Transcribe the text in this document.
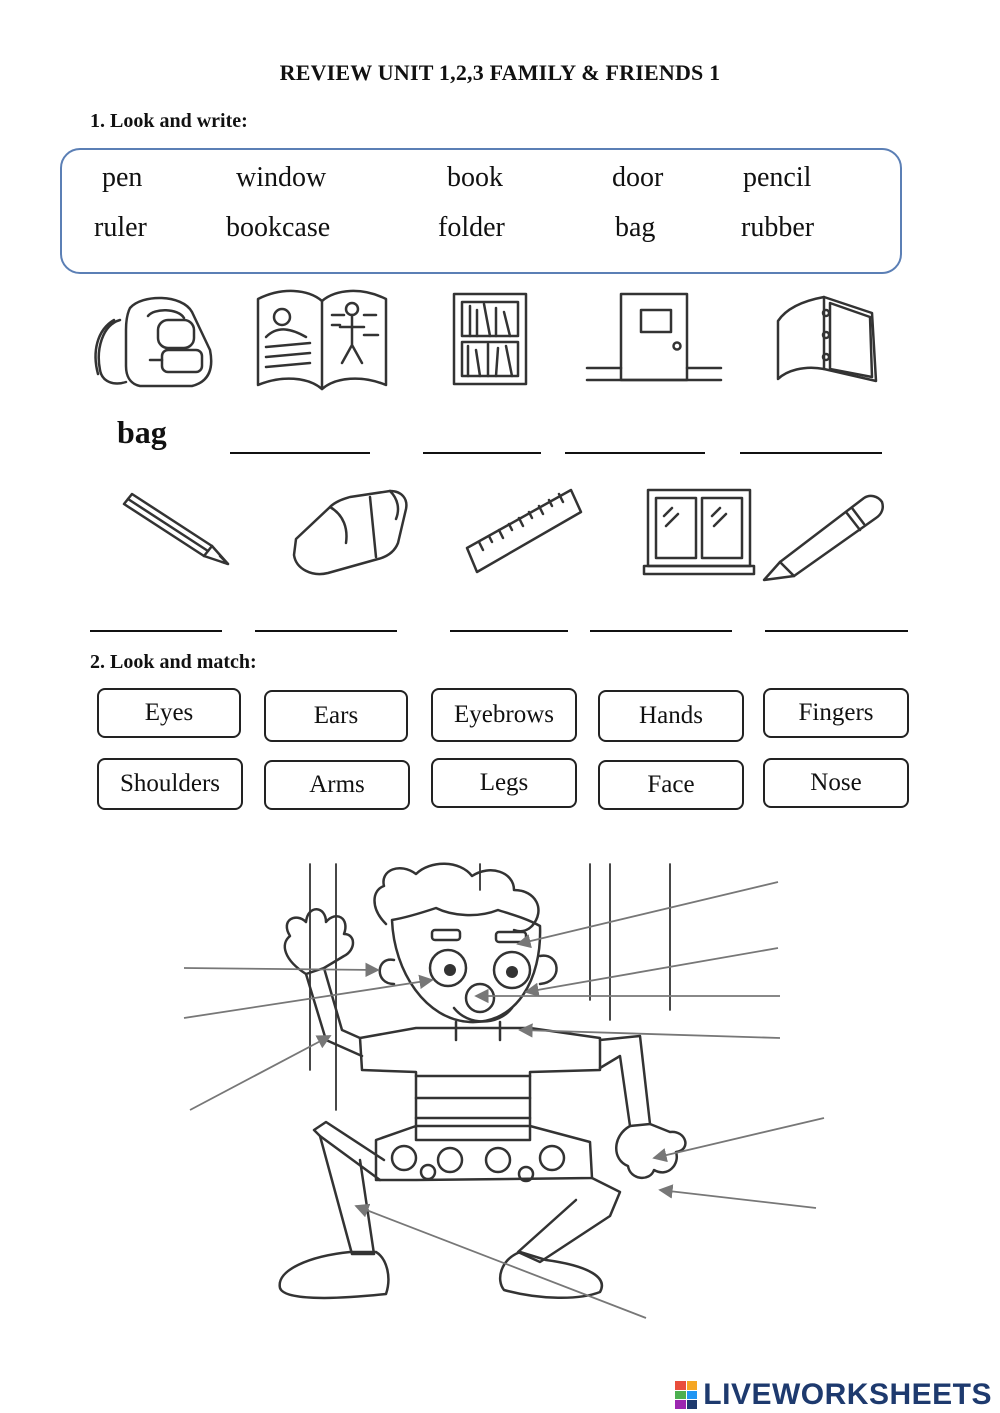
REVIEW UNIT 1,2,3 FAMILY & FRIENDS 1
1. Look and write:
pen	window	book	door	pencil
ruler	bookcase	folder	bag	rubber
bag
2. Look and match:
Eyes	Ears	Eyebrows	Hands	Fingers
Shoulders	Arms	Legs	Face	Nose
LIVEWORKSHEETS
